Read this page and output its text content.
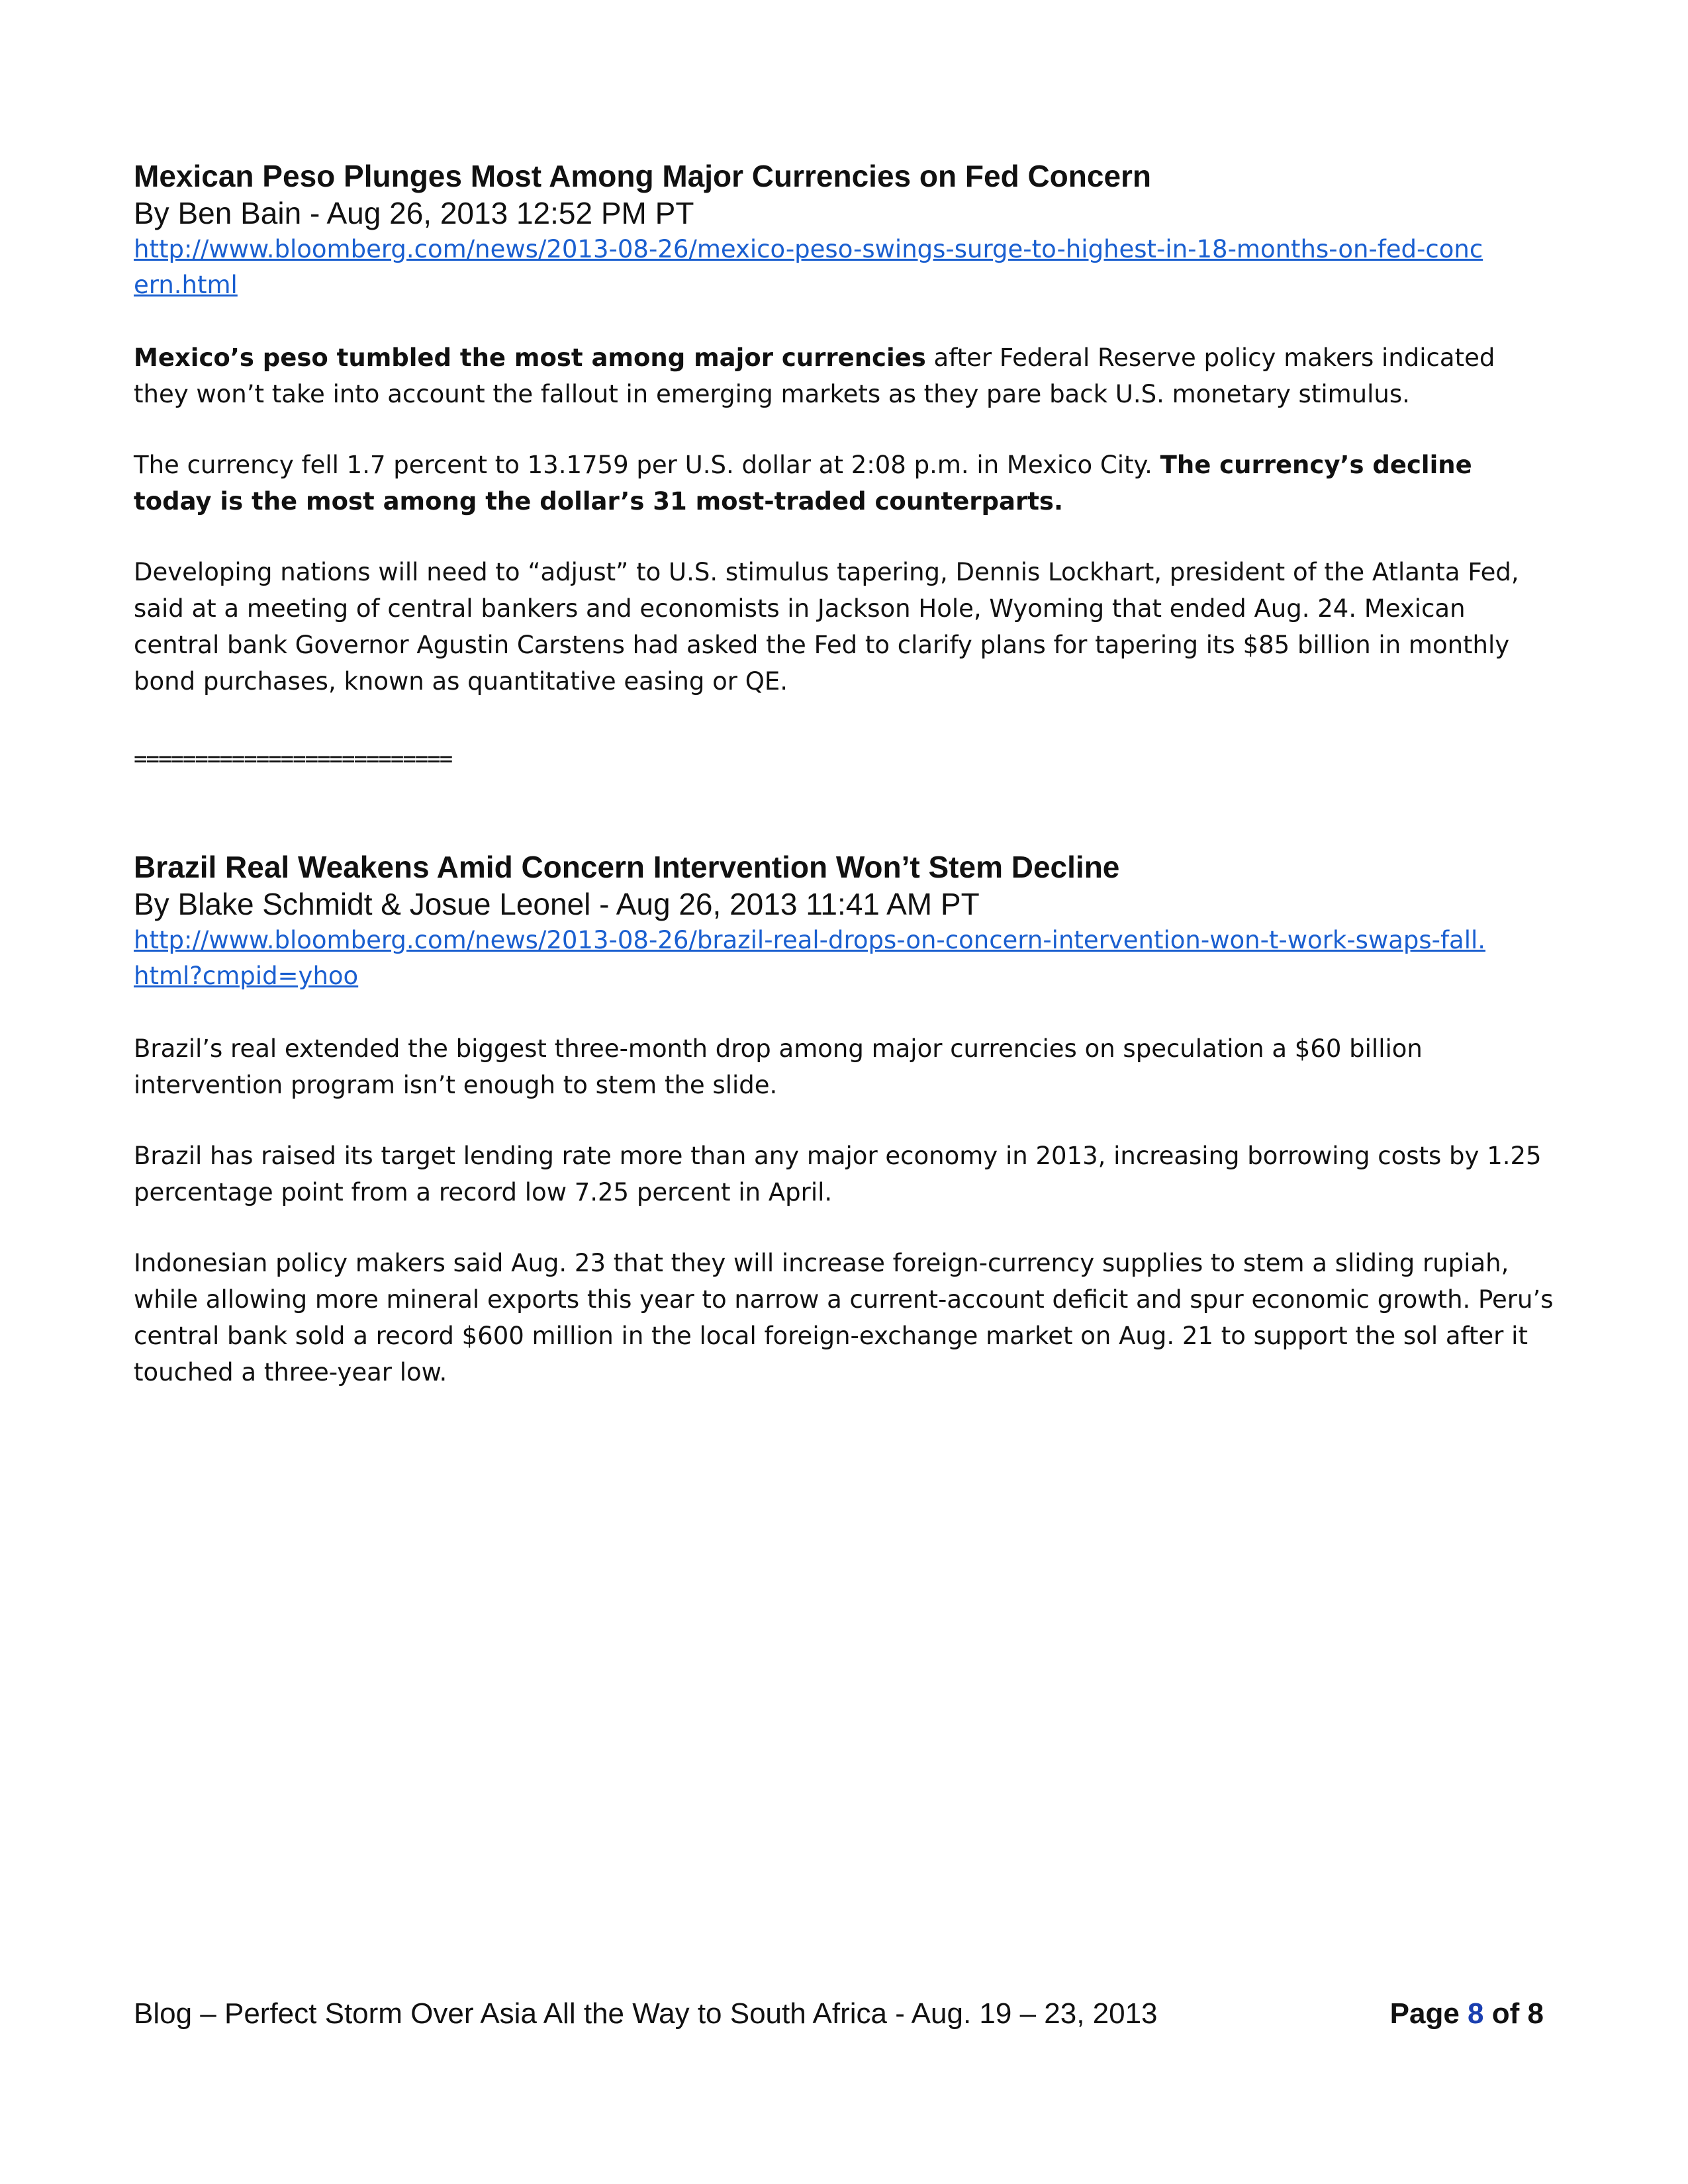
Mexican Peso Plunges Most Among Major Currencies on Fed Concern

By Ben Bain - Aug 26, 2013 12:52 PM PT

http://www.bloomberg.com/news/2013-08-26/mexico-peso-swings-surge-to-highest-in-18-months-on-fed-concern.html

Mexico’s peso tumbled the most among major currencies after Federal Reserve policy makers indicated they won’t take into account the fallout in emerging markets as they pare back U.S. monetary stimulus.

The currency fell 1.7 percent to 13.1759 per U.S. dollar at 2:08 p.m. in Mexico City. The currency’s decline today is the most among the dollar’s 31 most-traded counterparts.

Developing nations will need to “adjust” to U.S. stimulus tapering, Dennis Lockhart, president of the Atlanta Fed, said at a meeting of central bankers and economists in Jackson Hole, Wyoming that ended Aug. 24. Mexican central bank Governor Agustin Carstens had asked the Fed to clarify plans for tapering its $85 billion in monthly bond purchases, known as quantitative easing or QE.

==========================

Brazil Real Weakens Amid Concern Intervention Won’t Stem Decline

By Blake Schmidt & Josue Leonel - Aug 26, 2013 11:41 AM PT

http://www.bloomberg.com/news/2013-08-26/brazil-real-drops-on-concern-intervention-won-t-work-swaps-fall.html?cmpid=yhoo

Brazil’s real extended the biggest three-month drop among major currencies on speculation a $60 billion intervention program isn’t enough to stem the slide.

Brazil has raised its target lending rate more than any major economy in 2013, increasing borrowing costs by 1.25 percentage point from a record low 7.25 percent in April.

Indonesian policy makers said Aug. 23 that they will increase foreign-currency supplies to stem a sliding rupiah, while allowing more mineral exports this year to narrow a current-account deficit and spur economic growth. Peru’s central bank sold a record $600 million in the local foreign-exchange market on Aug. 21 to support the sol after it touched a three-year low.

Blog – Perfect Storm Over Asia All the Way to South Africa - Aug. 19 – 23, 2013	Page 8 of 8
